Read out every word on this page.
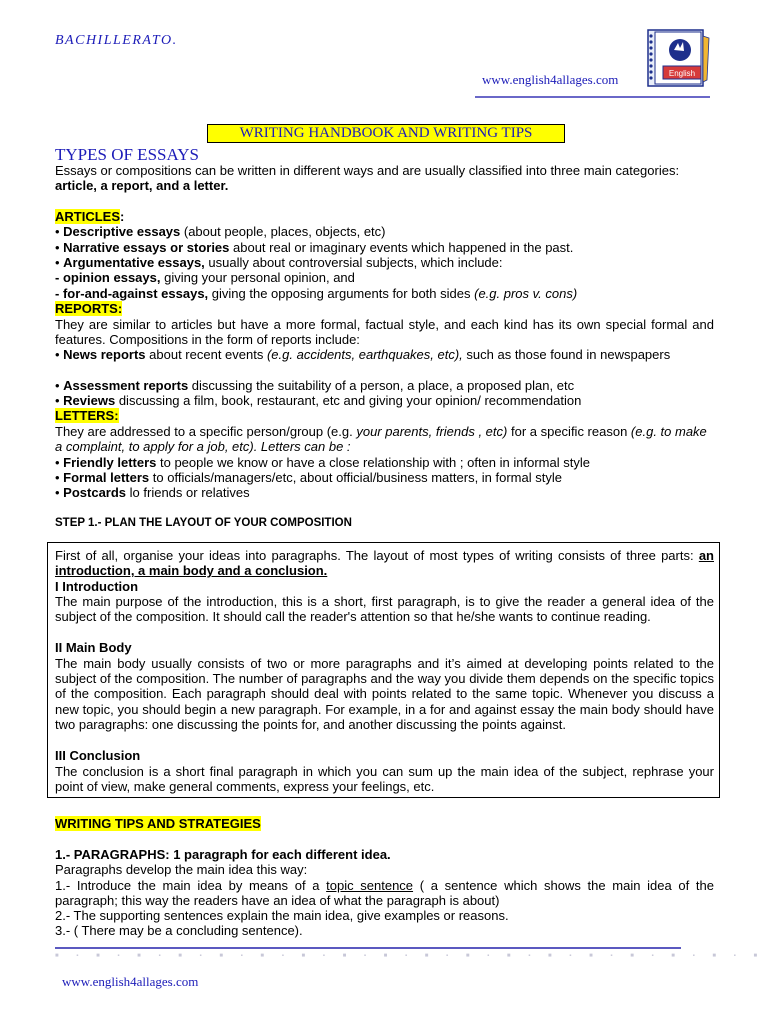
BACHILLERATO.
www.english4allages.com	English
WRITING HANDBOOK AND WRITING TIPS
TYPES OF ESSAYS
Essays or compositions can be written in different ways and are usually classified into three main categories: article, a report, and a letter.
ARTICLES:
• Descriptive essays (about people, places, objects, etc)
• Narrative essays or stories about real or imaginary events which happened in the past.
• Argumentative essays, usually about controversial subjects, which include:
- opinion essays, giving your personal opinion, and
- for-and-against essays, giving the opposing arguments for both sides (e.g. pros v. cons)
REPORTS:
They are similar to articles but have a more formal, factual style, and each kind has its own special formal and features. Compositions in the form of reports include:
• News reports about recent events (e.g. accidents, earthquakes, etc), such as those found in newspapers
• Assessment reports discussing the suitability of a person, a place, a proposed plan, etc
• Reviews discussing a film, book, restaurant, etc and giving your opinion/ recommendation
LETTERS:
They are addressed to a specific person/group (e.g. your parents, friends , etc) for a specific reason (e.g. to make a complaint, to apply for a job, etc). Letters can be :
• Friendly letters to people we know or have a close relationship with ; often in informal style
• Formal letters to officials/managers/etc, about official/business matters, in formal style
• Postcards lo friends or relatives
STEP 1.- PLAN THE LAYOUT OF YOUR COMPOSITION
First of all, organise your ideas into paragraphs. The layout of most types of writing consists of three parts: an introduction, a main body and a conclusion.
I Introduction
The main purpose of the introduction, this is a short, first paragraph, is to give the reader a general idea of the subject of the composition. It should call the reader's attention so that he/she wants to continue reading.
II Main Body
The main body usually consists of two or more paragraphs and it’s aimed at developing points related to the subject of the composition. The number of paragraphs and the way you divide them depends on the specific topics of the composition. Each paragraph should deal with points related to the same topic. Whenever you discuss a new topic, you should begin a new paragraph. For example, in a for and against essay the main body should have two paragraphs: one discussing the points for, and another discussing the points against.
III Conclusion
The conclusion is a short final paragraph in which you can sum up the main idea of the subject, rephrase your point of view, make general comments, express your feelings, etc.
WRITING TIPS AND STRATEGIES
1.- PARAGRAPHS: 1 paragraph for each different idea.
Paragraphs develop the main idea this way:
1.- Introduce the main idea by means of a topic sentence ( a sentence which shows the main idea of the paragraph; this way the readers have an idea of what the paragraph is about)
2.- The supporting sentences explain the main idea, give examples or reasons.
3.- ( There may be a concluding sentence).
■ ▪ ■ ▪ ■ ▪ ■ ▪ ■ ▪ ■ ▪ ■ ▪ ■ ▪ ■ ▪ ■ ▪ ■ ▪ ■ ▪ ■ ▪ ■ ▪ ■ ▪ ■ ▪ ■ ▪ ■
www.english4allages.com
